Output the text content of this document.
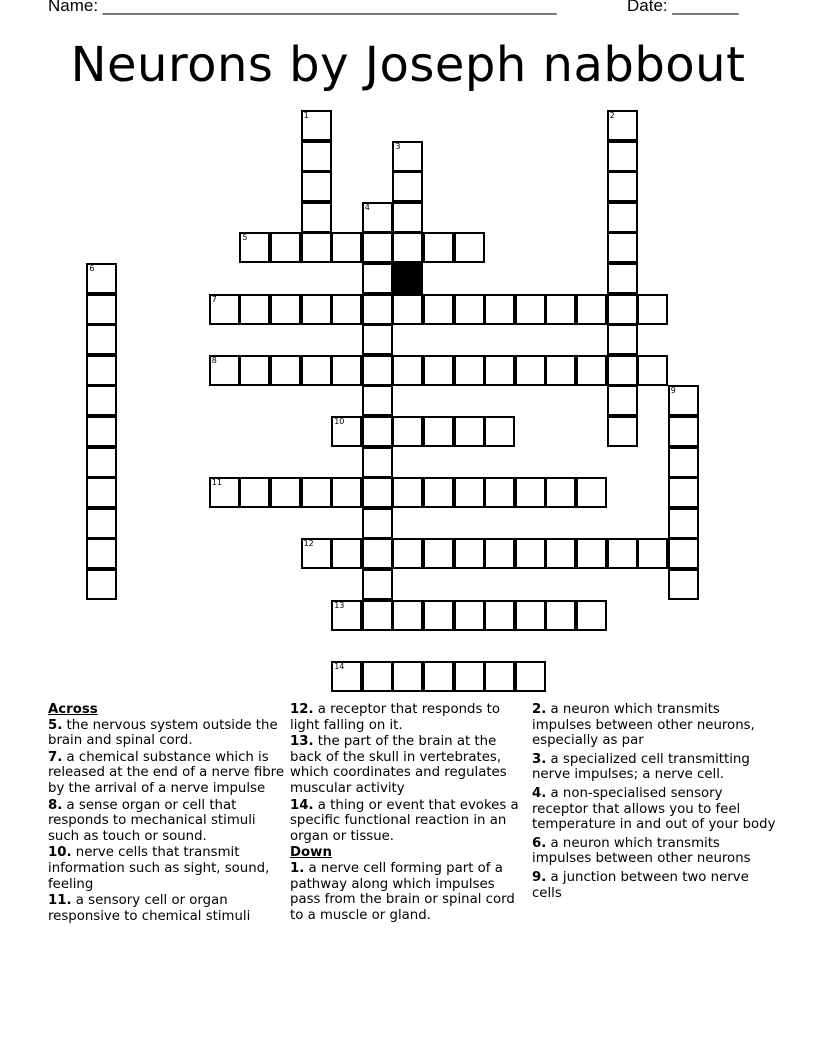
Name: ________________________________________________	Date: _______
Neurons by Joseph nabbout
1
3
2
4
5
6
7
8
9
10
11
12
13
14

Across

5. the nervous system outside the brain and spinal cord.

7. a chemical substance which is released at the end of a nerve fibre by the arrival of a nerve impulse

8. a sense organ or cell that responds to mechanical stimuli such as touch or sound.

10. nerve cells that transmit information such as sight, sound, feeling

11. a sensory cell or organ responsive to chemical stimuli

12. a receptor that responds to light falling on it.

13. the part of the brain at the back of the skull in vertebrates, which coordinates and regulates muscular activity

14. a thing or event that evokes a specific functional reaction in an organ or tissue.

Down

1. a nerve cell forming part of a pathway along which impulses pass from the brain or spinal cord to a muscle or gland.

2. a neuron which transmits impulses between other neurons, especially as par

3. a specialized cell transmitting nerve impulses; a nerve cell.

4. a non-specialised sensory receptor that allows you to feel temperature in and out of your body

6. a neuron which transmits impulses between other neurons

9. a junction between two nerve cells
